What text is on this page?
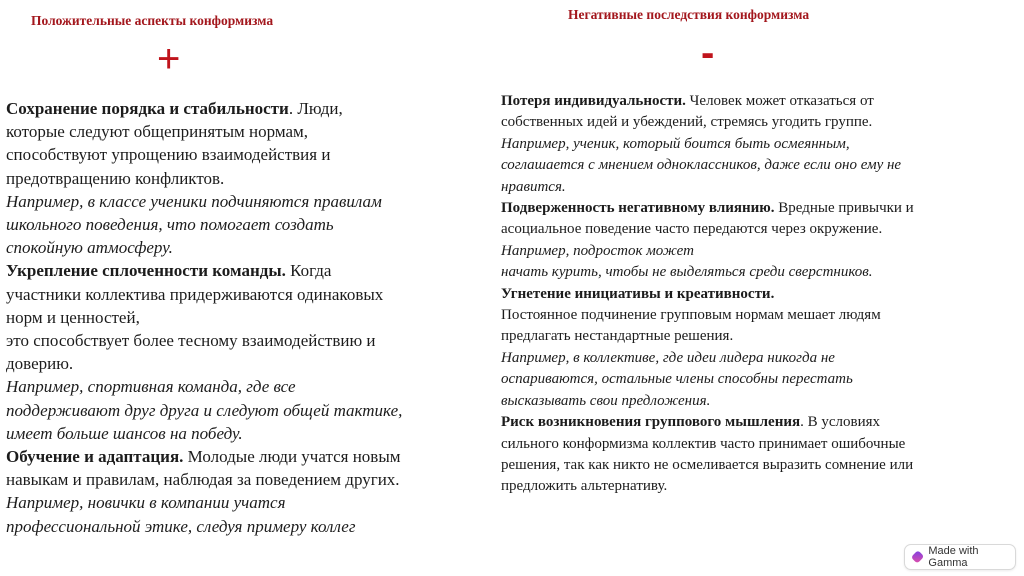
Положительные аспекты конформизма
+
Сохранение порядка и стабильности. Люди,
которые следуют общепринятым нормам,
способствуют упрощению взаимодействия и
предотвращению конфликтов.
Например, в классе ученики подчиняются правилам
школьного поведения, что помогает создать
спокойную атмосферу.
Укрепление сплоченности команды. Когда
участники коллектива придерживаются одинаковых
норм и ценностей,
это способствует более тесному взаимодействию и
доверию.
Например, спортивная команда, где все
поддерживают друг друга и следуют общей тактике,
имеет больше шансов на победу.
Обучение и адаптация. Молодые люди учатся новым
навыкам и правилам, наблюдая за поведением других.
Например, новички в компании учатся
профессиональной этике, следуя примеру коллег
Негативные последствия конформизма
-
Потеря индивидуальности. Человек может отказаться от
собственных идей и убеждений, стремясь угодить группе.
Например, ученик, который боится быть осмеянным,
соглашается с мнением одноклассников, даже если оно ему не
нравится.
Подверженность негативному влиянию. Вредные привычки и
асоциальное поведение часто передаются через окружение.
Например, подросток может
начать курить, чтобы не выделяться среди сверстников.
Угнетение инициативы и креативности.
Постоянное подчинение групповым нормам мешает людям
предлагать нестандартные решения.
Например, в коллективе, где идеи лидера никогда не
оспариваются, остальные члены способны перестать
высказывать свои предложения.
Риск возникновения группового мышления. В условиях
сильного конформизма коллектив часто принимает ошибочные
решения, так как никто не осмеливается выразить сомнение или
предложить альтернативу.
Made with Gamma
